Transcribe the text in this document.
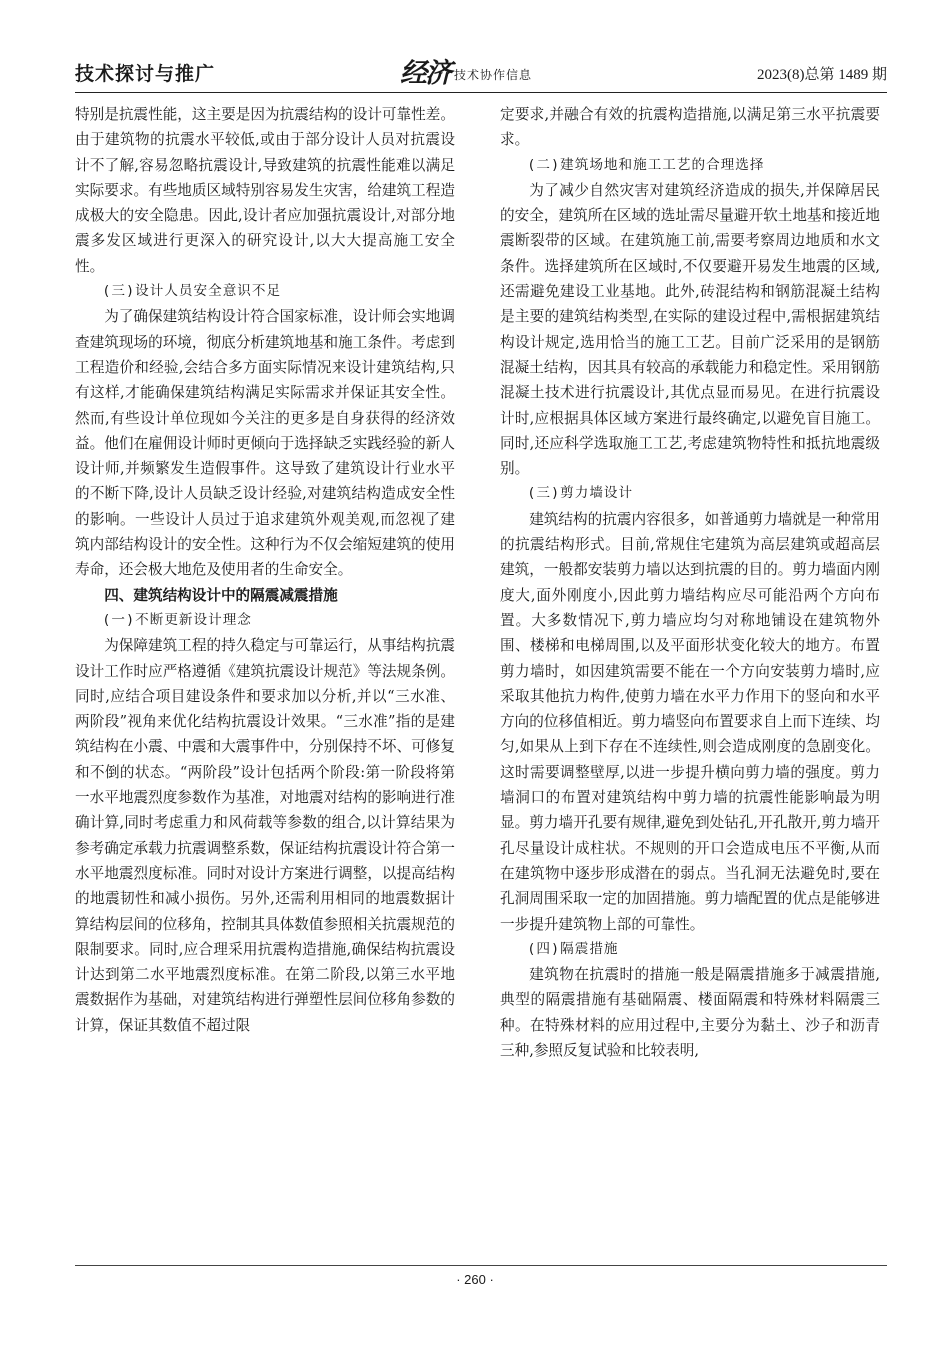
技术探讨与推广	经济 技术协作信息	2023(8)总第 1489 期

特别是抗震性能，这主要是因为抗震结构的设计可靠性差。由于建筑物的抗震水平较低,或由于部分设计人员对抗震设计不了解,容易忽略抗震设计,导致建筑的抗震性能难以满足实际要求。有些地质区域特别容易发生灾害，给建筑工程造成极大的安全隐患。因此,设计者应加强抗震设计,对部分地震多发区域进行更深入的研究设计,以大大提高施工安全性。

(三)设计人员安全意识不足

为了确保建筑结构设计符合国家标准，设计师会实地调查建筑现场的环境，彻底分析建筑地基和施工条件。考虑到工程造价和经验,会结合多方面实际情况来设计建筑结构,只有这样,才能确保建筑结构满足实际需求并保证其安全性。然而,有些设计单位现如今关注的更多是自身获得的经济效益。他们在雇佣设计师时更倾向于选择缺乏实践经验的新人设计师,并频繁发生造假事件。这导致了建筑设计行业水平的不断下降,设计人员缺乏设计经验,对建筑结构造成安全性的影响。一些设计人员过于追求建筑外观美观,而忽视了建筑内部结构设计的安全性。这种行为不仅会缩短建筑的使用寿命，还会极大地危及使用者的生命安全。

四、建筑结构设计中的隔震减震措施

(一)不断更新设计理念

为保障建筑工程的持久稳定与可靠运行，从事结构抗震设计工作时应严格遵循《建筑抗震设计规范》等法规条例。同时,应结合项目建设条件和要求加以分析,并以“三水准、两阶段”视角来优化结构抗震设计效果。“三水准”指的是建筑结构在小震、中震和大震事件中，分别保持不坏、可修复和不倒的状态。“两阶段”设计包括两个阶段:第一阶段将第一水平地震烈度参数作为基准，对地震对结构的影响进行准确计算,同时考虑重力和风荷载等参数的组合,以计算结果为参考确定承载力抗震调整系数，保证结构抗震设计符合第一水平地震烈度标准。同时对设计方案进行调整，以提高结构的地震韧性和减小损伤。另外,还需利用相同的地震数据计算结构层间的位移角，控制其具体数值参照相关抗震规范的限制要求。同时,应合理采用抗震构造措施,确保结构抗震设计达到第二水平地震烈度标准。在第二阶段,以第三水平地震数据作为基础，对建筑结构进行弹塑性层间位移角参数的计算，保证其数值不超过限

定要求,并融合有效的抗震构造措施,以满足第三水平抗震要求。

(二)建筑场地和施工工艺的合理选择

为了减少自然灾害对建筑经济造成的损失,并保障居民的安全，建筑所在区域的选址需尽量避开软土地基和接近地震断裂带的区域。在建筑施工前,需要考察周边地质和水文条件。选择建筑所在区域时,不仅要避开易发生地震的区域,还需避免建设工业基地。此外,砖混结构和钢筋混凝土结构是主要的建筑结构类型,在实际的建设过程中,需根据建筑结构设计规定,选用恰当的施工工艺。目前广泛采用的是钢筋混凝土结构，因其具有较高的承载能力和稳定性。采用钢筋混凝土技术进行抗震设计,其优点显而易见。在进行抗震设计时,应根据具体区域方案进行最终确定,以避免盲目施工。同时,还应科学选取施工工艺,考虑建筑物特性和抵抗地震级别。

(三)剪力墙设计

建筑结构的抗震内容很多，如普通剪力墙就是一种常用的抗震结构形式。目前,常规住宅建筑为高层建筑或超高层建筑，一般都安装剪力墙以达到抗震的目的。剪力墙面内刚度大,面外刚度小,因此剪力墙结构应尽可能沿两个方向布置。大多数情况下,剪力墙应均匀对称地铺设在建筑物外围、楼梯和电梯周围,以及平面形状变化较大的地方。布置剪力墙时，如因建筑需要不能在一个方向安装剪力墙时,应采取其他抗力构件,使剪力墙在水平力作用下的竖向和水平方向的位移值相近。剪力墙竖向布置要求自上而下连续、均匀,如果从上到下存在不连续性,则会造成刚度的急剧变化。这时需要调整壁厚,以进一步提升横向剪力墙的强度。剪力墙洞口的布置对建筑结构中剪力墙的抗震性能影响最为明显。剪力墙开孔要有规律,避免到处钻孔,开孔散开,剪力墙开孔尽量设计成柱状。不规则的开口会造成电压不平衡,从而在建筑物中逐步形成潜在的弱点。当孔洞无法避免时,要在孔洞周围采取一定的加固措施。剪力墙配置的优点是能够进一步提升建筑物上部的可靠性。

(四)隔震措施

建筑物在抗震时的措施一般是隔震措施多于减震措施,典型的隔震措施有基础隔震、楼面隔震和特殊材料隔震三种。在特殊材料的应用过程中,主要分为黏土、沙子和沥青三种,参照反复试验和比较表明,

· 260 ·
